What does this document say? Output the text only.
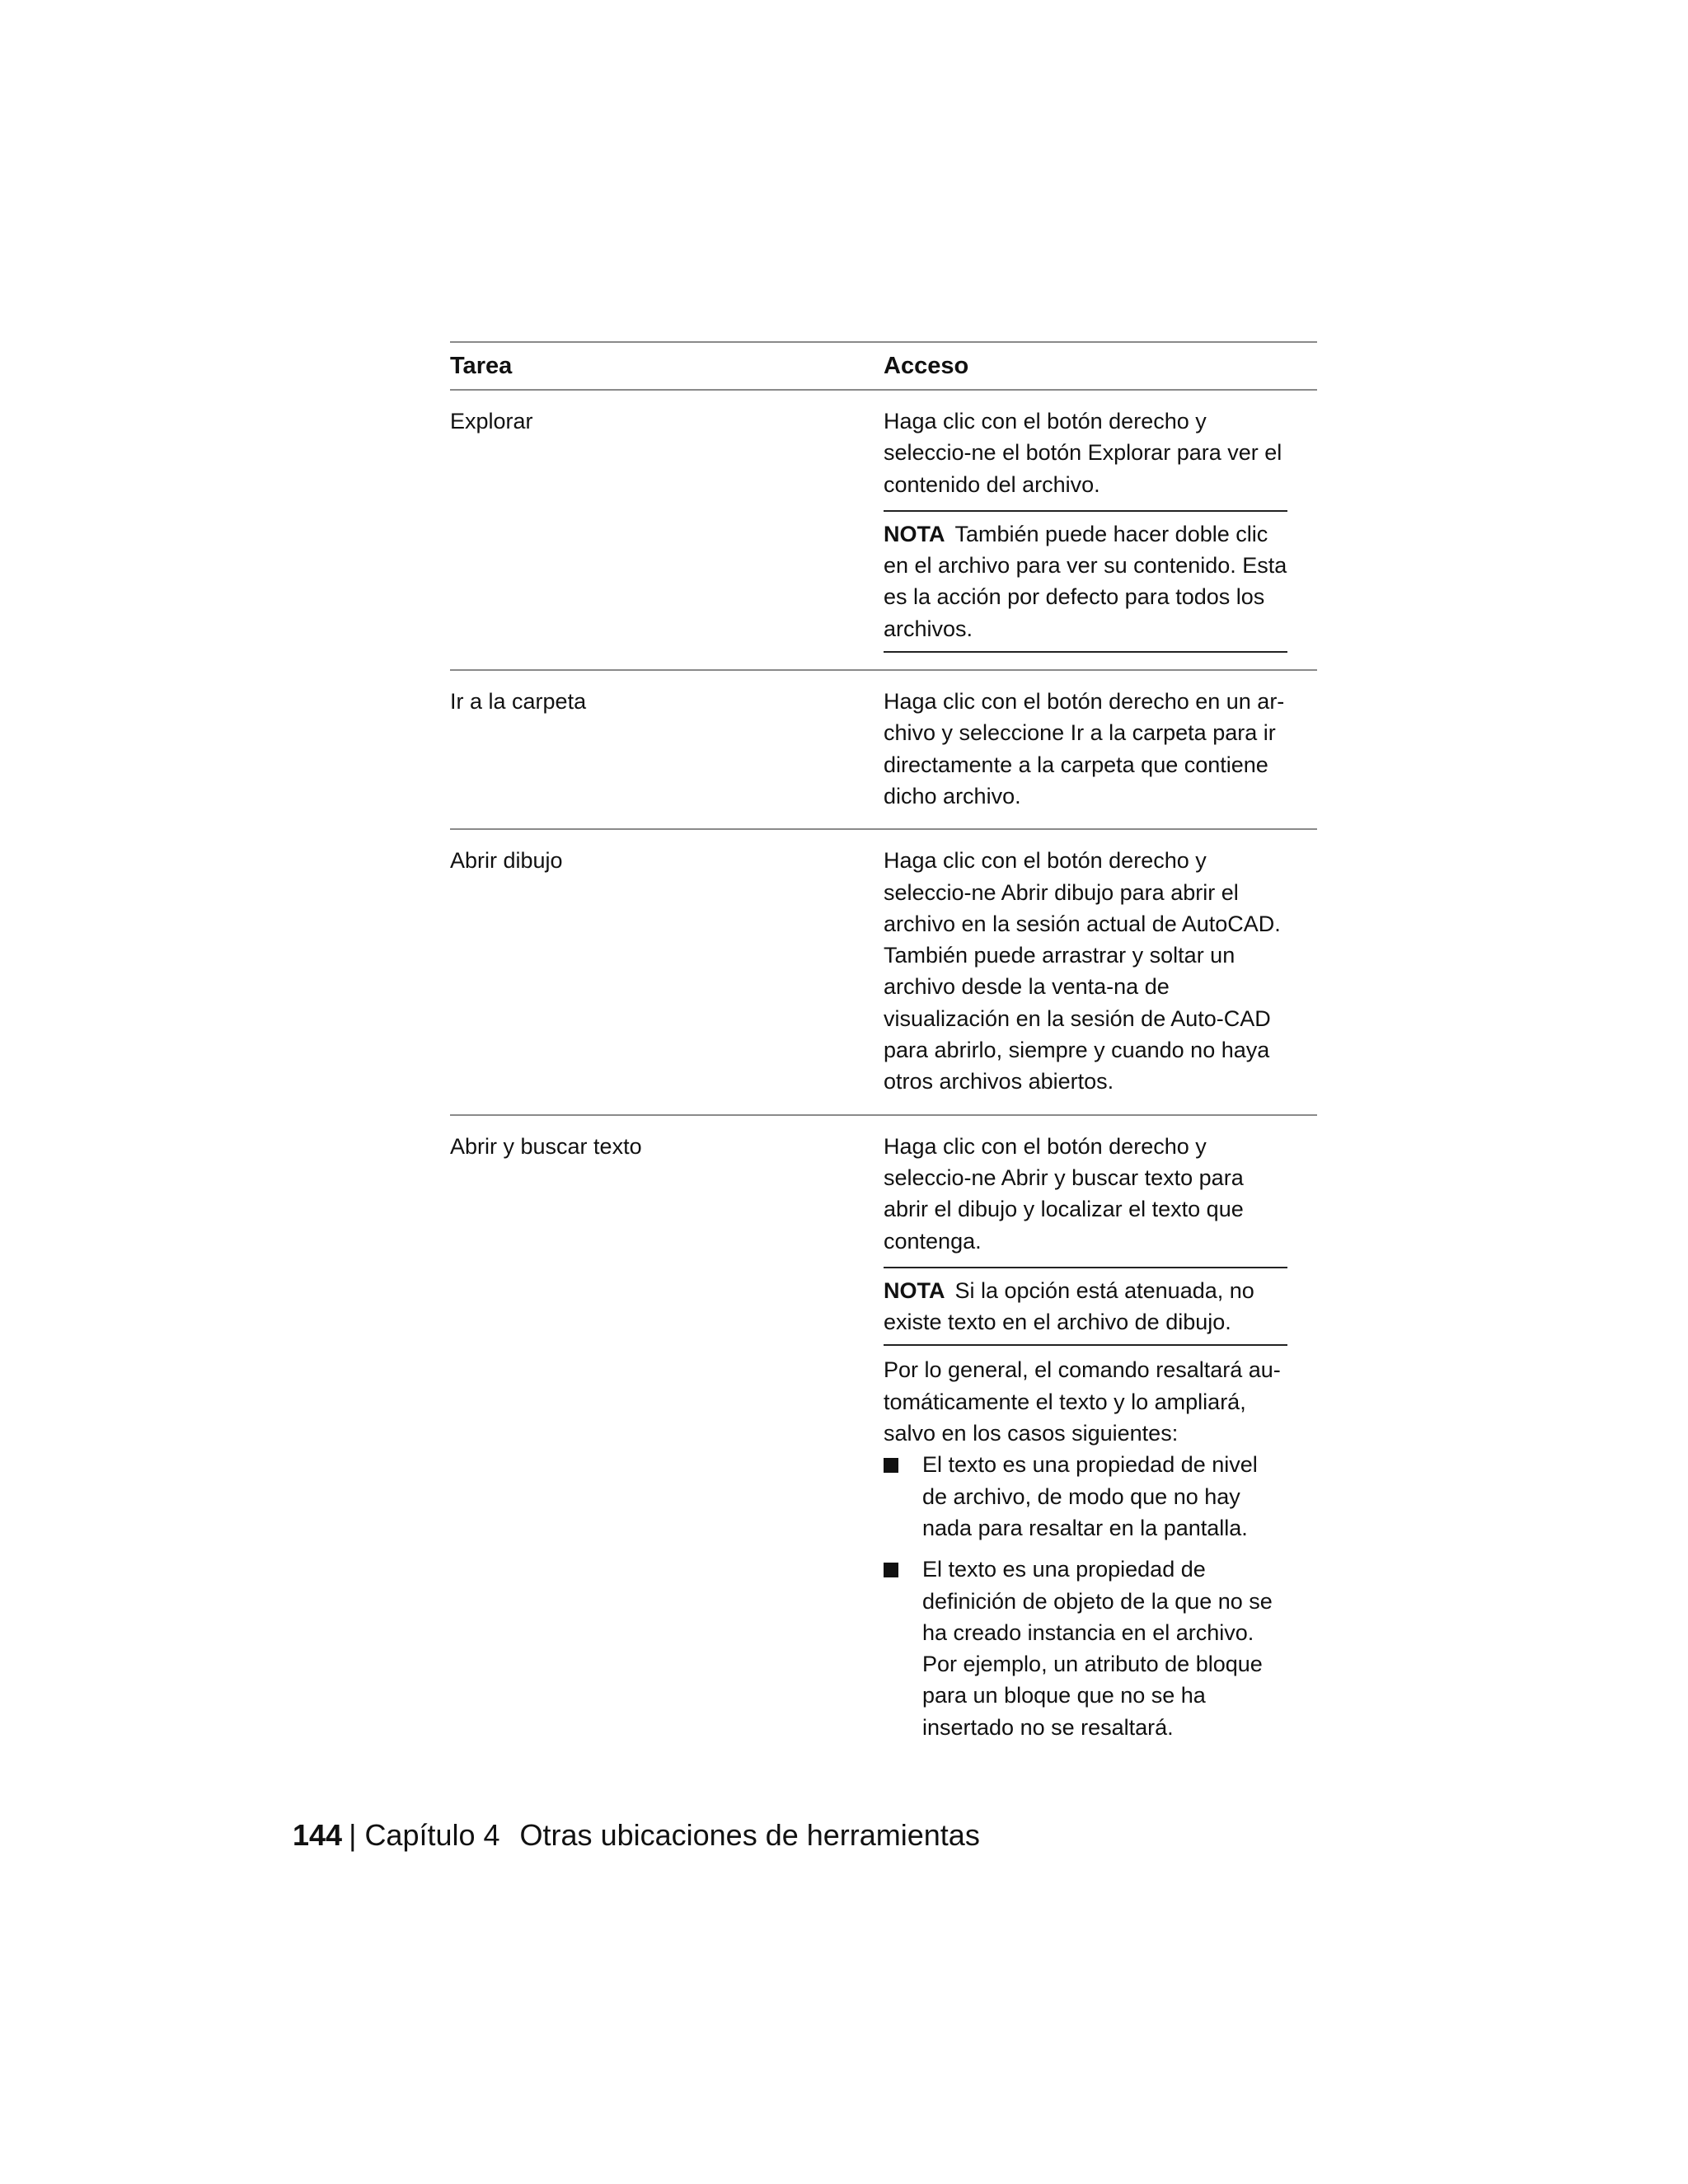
Tarea	Acceso
Explorar	Haga clic con el botón derecho y seleccio-ne el botón Explorar para ver el contenido del archivo.
NOTA También puede hacer doble clic en el archivo para ver su contenido. Esta es la acción por defecto para todos los archivos.
Ir a la carpeta	Haga clic con el botón derecho en un ar-chivo y seleccione Ir a la carpeta para ir directamente a la carpeta que contiene dicho archivo.
Abrir dibujo	Haga clic con el botón derecho y seleccio-ne Abrir dibujo para abrir el archivo en la sesión actual de AutoCAD. También puede arrastrar y soltar un archivo desde la venta-na de visualización en la sesión de Auto-CAD para abrirlo, siempre y cuando no haya otros archivos abiertos.
Abrir y buscar texto	Haga clic con el botón derecho y seleccio-ne Abrir y buscar texto para abrir el dibujo y localizar el texto que contenga.
NOTA Si la opción está atenuada, no existe texto en el archivo de dibujo.
Por lo general, el comando resaltará au-tomáticamente el texto y lo ampliará, salvo en los casos siguientes:
El texto es una propiedad de nivel de archivo, de modo que no hay nada para resaltar en la pantalla.
El texto es una propiedad de definición de objeto de la que no se ha creado instancia en el archivo. Por ejemplo, un atributo de bloque para un bloque que no se ha insertado no se resaltará.
144 | Capítulo 4 Otras ubicaciones de herramientas
